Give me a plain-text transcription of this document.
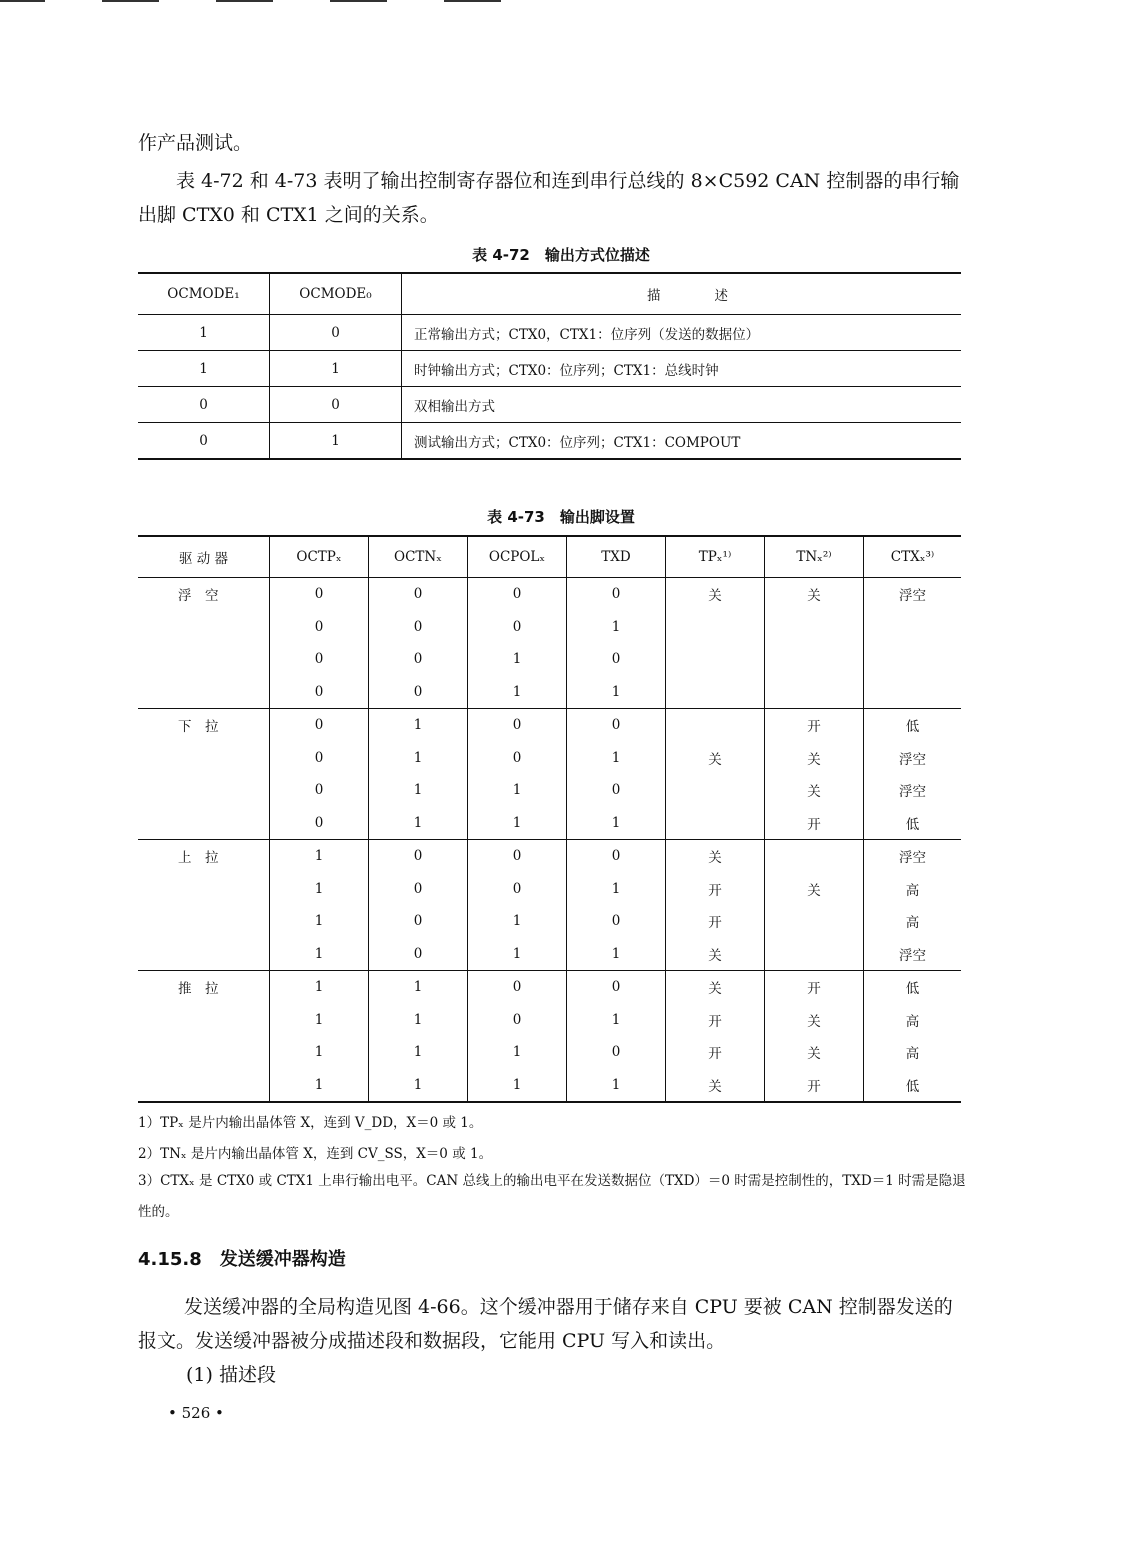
作产品测试。

表 4-72 和 4-73 表明了输出控制寄存器位和连到串行总线的 8×C592 CAN 控制器的串行输出脚 CTX0 和 CTX1 之间的关系。

表 4-72　输出方式位描述
OCMODE₁	OCMODE₀	描　　　　述
1	0	正常输出方式；CTX0，CTX1：位序列（发送的数据位）
1	1	时钟输出方式；CTX0：位序列；CTX1：总线时钟
0	0	双相输出方式
0	1	测试输出方式；CTX0：位序列；CTX1：COMPOUT
表 4-73　输出脚设置
驱 动 器	OCTPₓ	OCTNₓ	OCPOLₓ	TXD	TPₓ¹⁾	TNₓ²⁾	CTXₓ³⁾
浮　空	0	0	0	0	关	关	浮空
	0	0	0	1			
	0	0	1	0			
	0	0	1	1			
下　拉	0	1	0	0		开	低
	0	1	0	1	关	关	浮空
	0	1	1	0		关	浮空
	0	1	1	1		开	低
上　拉	1	0	0	0	关		浮空
	1	0	0	1	开	关	高
	1	0	1	0	开		高
	1	0	1	1	关		浮空
推　拉	1	1	0	0	关	开	低
	1	1	0	1	开	关	高
	1	1	1	0	开	关	高
	1	1	1	1	关	开	低

1）TPₓ 是片内输出晶体管 X，连到 V_DD，X＝0 或 1。

2）TNₓ 是片内输出晶体管 X，连到 CV_SS，X＝0 或 1。

3）CTXₓ 是 CTX0 或 CTX1 上串行输出电平。CAN 总线上的输出电平在发送数据位（TXD）＝0 时需是控制性的，TXD＝1 时需是隐退性的。

4.15.8 发送缓冲器构造

发送缓冲器的全局构造见图 4-66。这个缓冲器用于储存来自 CPU 要被 CAN 控制器发送的报文。发送缓冲器被分成描述段和数据段，它能用 CPU 写入和读出。

(1) 描述段

• 526 •
